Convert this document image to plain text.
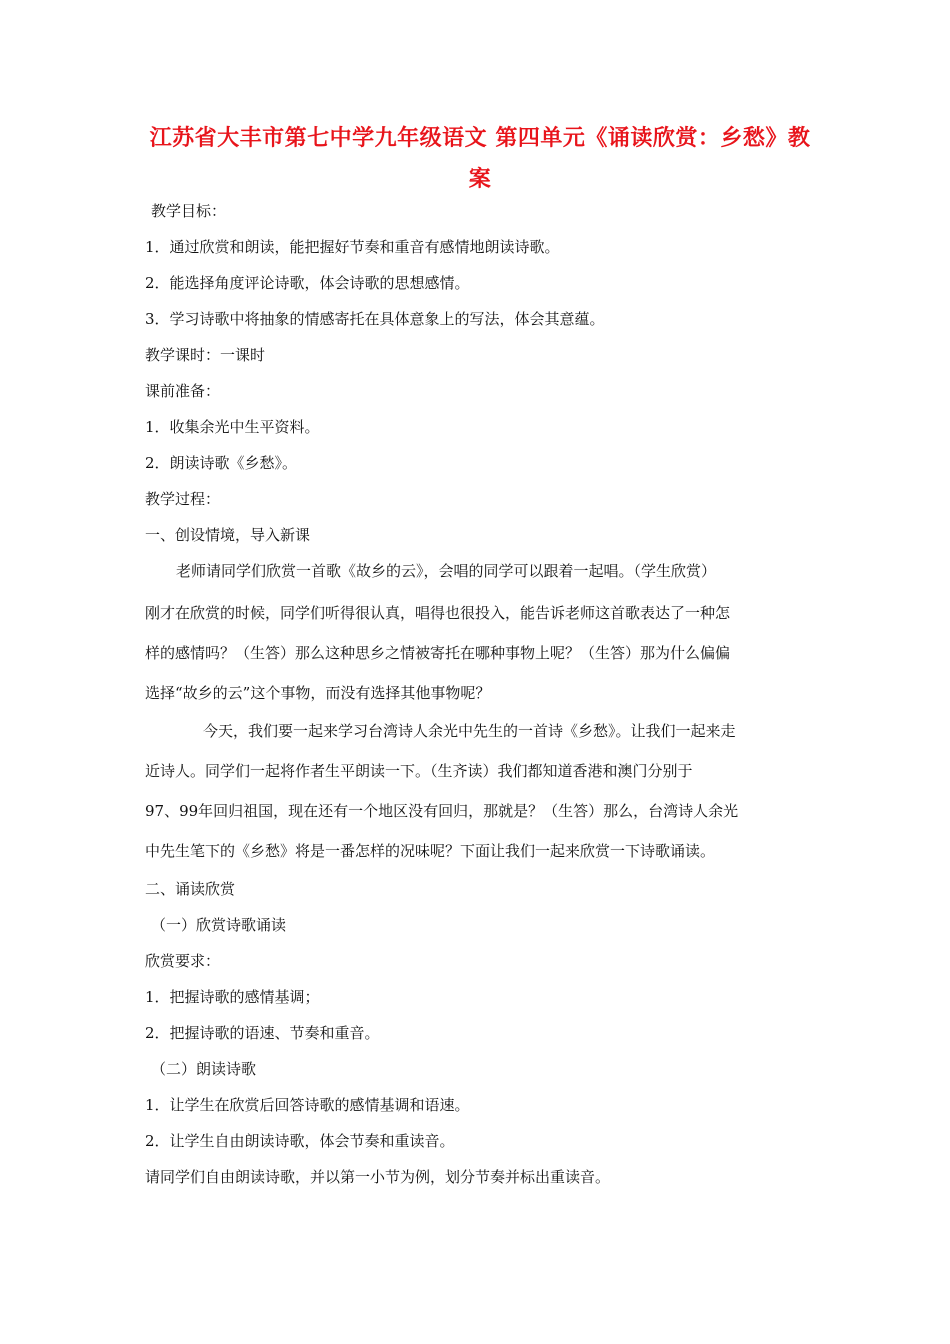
江苏省大丰市第七中学九年级语文 第四单元《诵读欣赏：乡愁》教
案
教学目标：
1．通过欣赏和朗读，能把握好节奏和重音有感情地朗读诗歌。
2．能选择角度评论诗歌，体会诗歌的思想感情。
3．学习诗歌中将抽象的情感寄托在具体意象上的写法，体会其意蕴。
教学课时：一课时
课前准备：
1．收集余光中生平资料。
2．朗读诗歌《乡愁》。
教学过程：
一、创设情境，导入新课
老师请同学们欣赏一首歌《故乡的云》，会唱的同学可以跟着一起唱。（学生欣赏）
刚才在欣赏的时候，同学们听得很认真，唱得也很投入，能告诉老师这首歌表达了一种怎
样的感情吗？（生答）那么这种思乡之情被寄托在哪种事物上呢？（生答）那为什么偏偏
选择“故乡的云”这个事物，而没有选择其他事物呢？
今天，我们要一起来学习台湾诗人余光中先生的一首诗《乡愁》。让我们一起来走
近诗人。同学们一起将作者生平朗读一下。（生齐读）我们都知道香港和澳门分别于
97、99年回归祖国，现在还有一个地区没有回归，那就是？（生答）那么，台湾诗人余光
中先生笔下的《乡愁》将是一番怎样的况味呢？下面让我们一起来欣赏一下诗歌诵读。
二、诵读欣赏
（一）欣赏诗歌诵读
欣赏要求：
1．把握诗歌的感情基调；
2．把握诗歌的语速、节奏和重音。
（二）朗读诗歌
1．让学生在欣赏后回答诗歌的感情基调和语速。
2．让学生自由朗读诗歌，体会节奏和重读音。
请同学们自由朗读诗歌，并以第一小节为例，划分节奏并标出重读音。
